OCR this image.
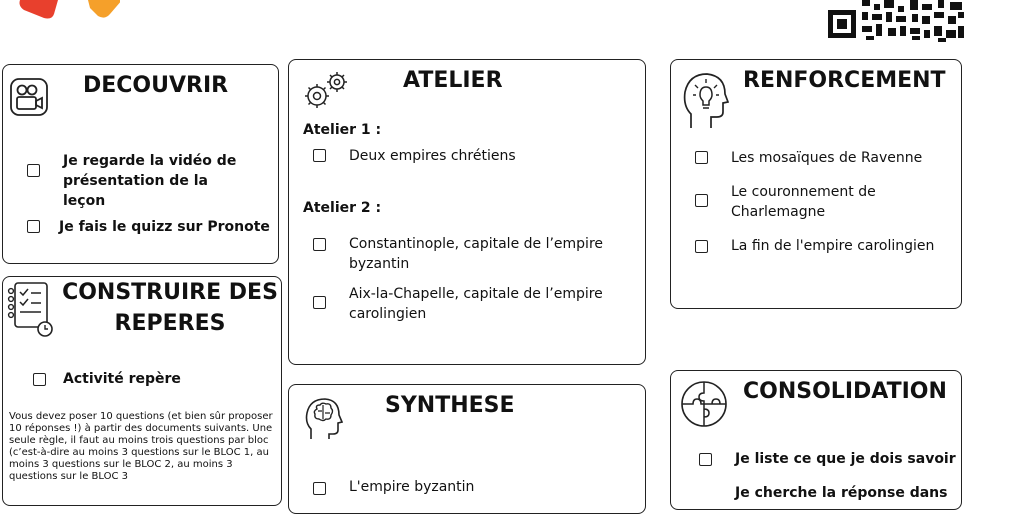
DECOUVRIR
Je regarde la vidéo de présentation de la leçon
Je fais le quizz sur Pronote
CONSTRUIRE DES
REPERES
Activité repère
Vous devez poser 10 questions (et bien sûr proposer 10 réponses !) à partir des documents suivants. Une seule règle, il faut au moins trois questions par bloc (c’est-à-dire au moins 3 questions sur le BLOC 1, au moins 3 questions sur le BLOC 2, au moins 3 questions sur le BLOC 3
ATELIER
Atelier 1 :
Deux empires chrétiens
Atelier 2 :
Constantinople, capitale de l’empire byzantin
Aix-la-Chapelle, capitale de l’empire carolingien
SYNTHESE
L'empire byzantin
RENFORCEMENT
Les mosaïques de Ravenne
Le couronnement de Charlemagne
La fin de l'empire carolingien
CONSOLIDATION
Je liste ce que je dois savoir
Je cherche la réponse dans
